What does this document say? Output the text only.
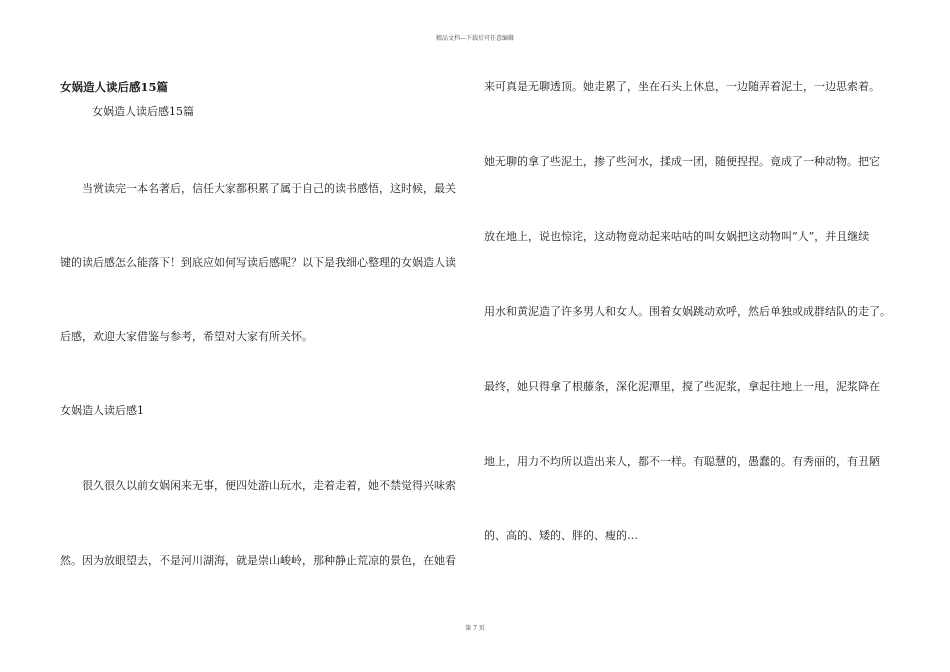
精品文档---下载后可任意编辑
女娲造人读后感15篇
女娲造人读后感15篇
当赏读完一本名著后，信任大家都积累了属于自己的读书感悟，这时候，最关
键的读后感怎么能落下！到底应如何写读后感呢？以下是我细心整理的女娲造人读
后感，欢迎大家借鉴与参考，希望对大家有所关怀。
女娲造人读后感1
很久很久以前女娲闲来无事，便四处游山玩水，走着走着，她不禁觉得兴味索
然。因为放眼望去，不是河川湖海，就是崇山峻岭，那种静止荒凉的景色，在她看
来可真是无聊透顶。她走累了，坐在石头上休息，一边随弄着泥土，一边思索着。
她无聊的拿了些泥土，掺了些河水，揉成一团，随便捏捏。竟成了一种动物。把它
放在地上，说也惊诧，这动物竟动起来咕咕的叫女娲把这动物叫“人”，并且继续
用水和黄泥造了许多男人和女人。围着女娲跳动欢呼，然后单独或成群结队的走了。
最终，她只得拿了根藤条，深化泥潭里，搅了些泥浆，拿起往地上一甩，泥浆降在
地上，用力不均所以造出来人，都不一样。有聪慧的，愚蠢的。有秀丽的，有丑陋
的、高的、矮的、胖的、瘦的…
第 7 页
